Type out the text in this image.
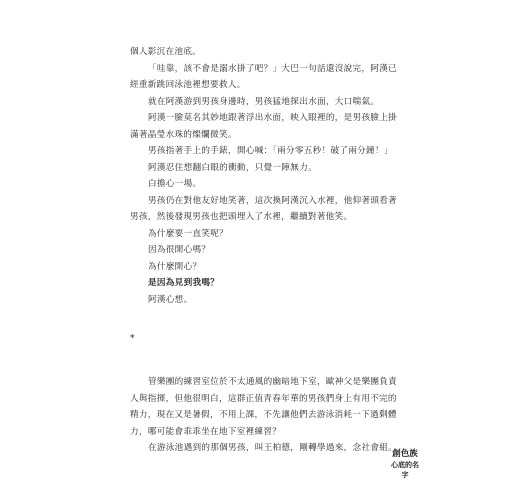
個人影沉在池底。

「哇靠，該不會是溺水掛了吧？」大巴一句話還沒說完，阿漢已

經重新跳回泳池裡想要救人。

就在阿漢游到男孩身邊時，男孩猛地探出水面，大口喘氣。

阿漢一臉莫名其妙地跟著浮出水面，映入眼裡的，是男孩臉上掛

滿著晶瑩水珠的燦爛微笑。

男孩指著手上的手錶，開心喊：「兩分零五秒！破了兩分鐘！」

阿漢忍住想翻白眼的衝動，只覺一陣無力。

白擔心一場。

男孩仍在對他友好地笑著，這次換阿漢沉入水裡，他仰著頭看著

男孩，然後發現男孩也把頭埋入了水裡，繼續對著他笑。

為什麼要一直笑呢？

因為很開心嗎？

為什麼開心？

是因為見到我嗎？

阿漢心想。

*

管樂團的練習室位於不太通風的幽暗地下室，歐神父是樂團負責

人與指揮，但他很明白，這群正值青春年華的男孩們身上有用不完的

精力，現在又是暑假，不用上課，不先讓他們去游泳消耗一下過剩體

力，哪可能會乖乖坐在地下室裡練習？

在游泳池遇到的那個男孩，叫王柏德，剛轉學過來，念社會組。

創色族
心底的名字
